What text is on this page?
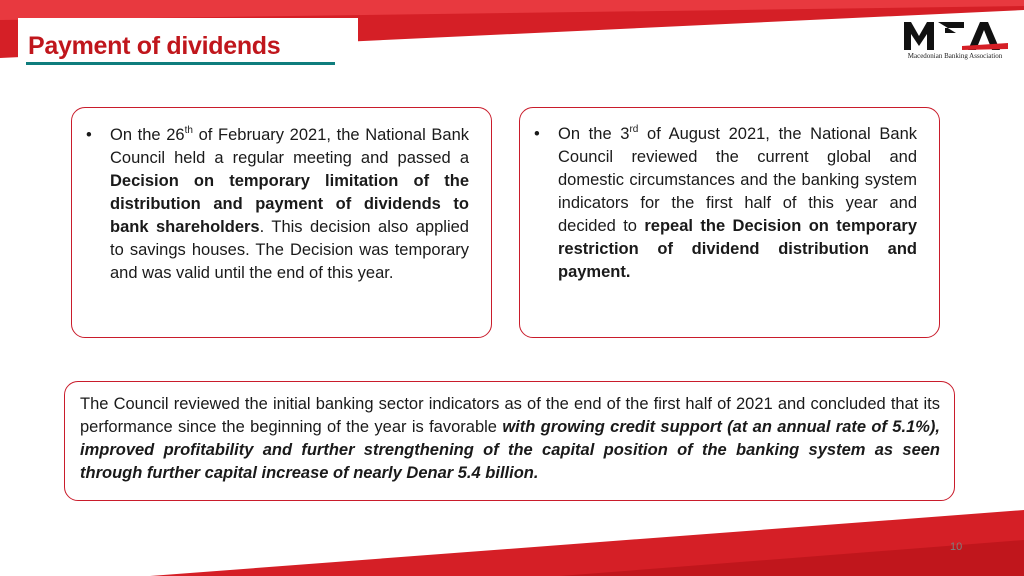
Payment of dividends	Macedonian Banking Association

• On the 26th of February 2021, the National Bank Council held a regular meeting and passed a Decision on temporary limitation of the distribution and payment of dividends to bank shareholders. This decision also applied to savings houses. The Decision was temporary and was valid until the end of this year.

• On the 3rd of August 2021, the National Bank Council reviewed the current global and domestic circumstances and the banking system indicators for the first half of this year and decided to repeal the Decision on temporary restriction of dividend distribution and payment.

The Council reviewed the initial banking sector indicators as of the end of the first half of 2021 and concluded that its performance since the beginning of the year is favorable with growing credit support (at an annual rate of 5.1%), improved profitability and further strengthening of the capital position of the banking system as seen through further capital increase of nearly Denar 5.4 billion.

10
